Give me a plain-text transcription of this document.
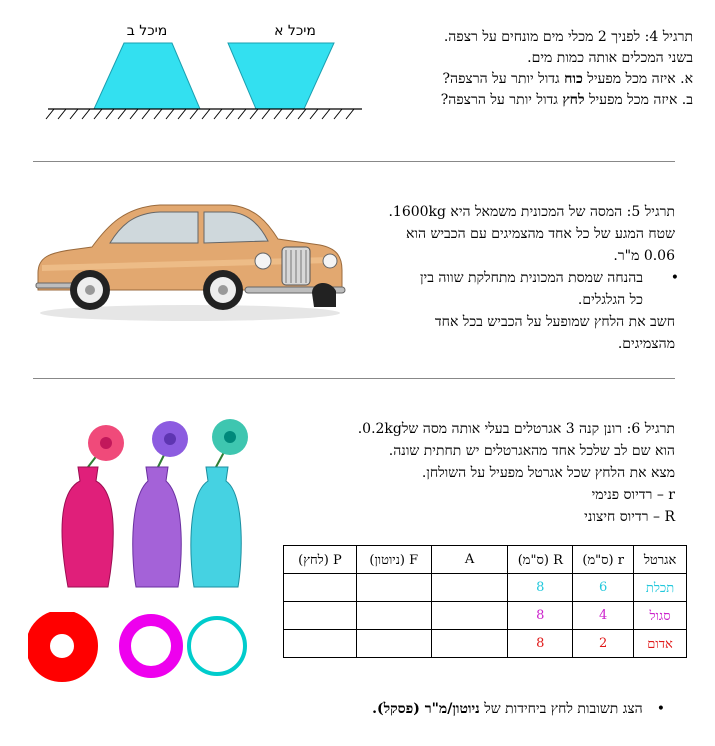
תרגיל 4: לפניך 2 מכלי מים מונחים על רצפה.
בשני המכלים אותה כמות מים.
א. איזה מכל מפעיל כוח גדול יותר על הרצפה?
ב. איזה מכל מפעיל לחץ גדול יותר על הרצפה?
מיכל ב	מיכל א
תרגיל 5: המסה של המכונית משמאל היא 1600kg.
שטח המגע של כל אחד מהצמיגים עם הכביש הוא
0.06 מ"ר.
•
בהנחה שמסת המכונית מתחלקת שווה בין
כל הגלגלים.
חשב את הלחץ שמופעל על הכביש בכל אחד
מהצמיגים.
תרגיל 6: רונן קנה 3 אגרטלים בעלי אותה מסה של0.2kg.
הוא שם לב שלכל אחד מהאגרטלים יש תחתית שונה.
מצא את הלחץ שכל אגרטל מפעיל על השולחן.
r – רדיוס פנימי
R – רדיוס חיצוני
אגרטל	r (ס"מ)	R (ס"מ)	A	F (ניוטון)	P (לחץ)
תכלת	6	8			
סגול	4	8			
אדום	2	8			
•הצג תשובות לחץ ביחידות של ניוטון/מ"ר (פסקל).
